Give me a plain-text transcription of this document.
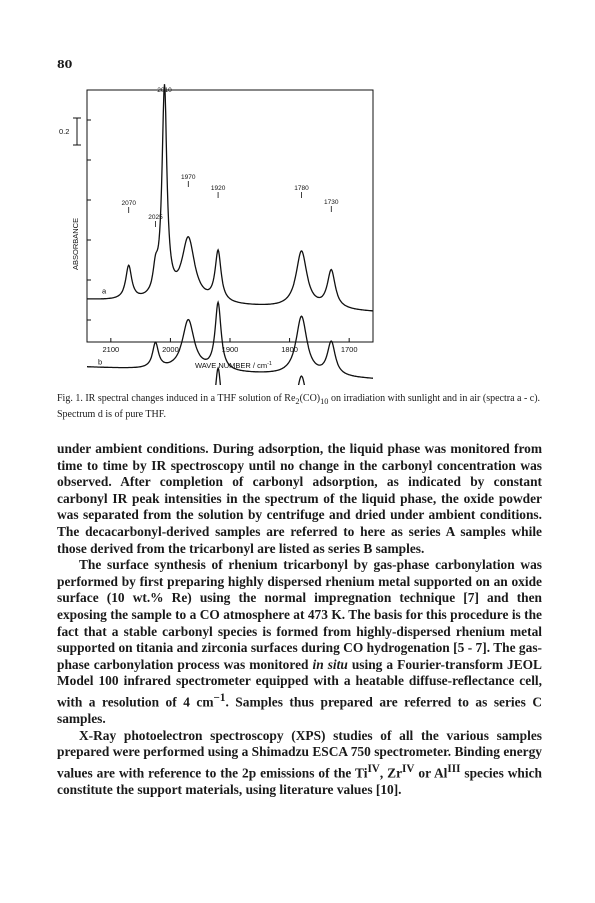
80
0.2
ABSORBANCE
WAVE NUMBER / $cm^{-1}$
2100	2000	1900	1800	1700
2010
1970
1920	1780
2070
2025
1730
a
b
Fig. 1. IR spectral changes induced in a THF solution of $Re_2(CO)_{10}$ on irradiation with sunlight and in air (spectra a - c). Spectrum d is of pure THF.

under ambient conditions. During adsorption, the liquid phase was monitored from time to time by IR spectroscopy until no change in the carbonyl concentration was observed. After completion of carbonyl adsorption, as indicated by constant carbonyl IR peak intensities in the spectrum of the liquid phase, the oxide powder was separated from the solution by centrifuge and dried under ambient conditions. The decacarbonyl-derived samples are referred to here as series A samples while those derived from the tricarbonyl are listed as series B samples.

The surface synthesis of rhenium tricarbonyl by gas-phase carbonylation was performed by first preparing highly dispersed rhenium metal supported on an oxide surface (10 wt.% Re) using the normal impregnation technique [7] and then exposing the sample to a CO atmosphere at 473 K. The basis for this procedure is the fact that a stable carbonyl species is formed from highly-dispersed rhenium metal supported on titania and zirconia surfaces during CO hydrogenation [5 - 7]. The gas-phase carbonylation process was monitored in situ using a Fourier-transform JEOL Model 100 infrared spectrometer equipped with a heatable diffuse-reflectance cell, with a resolution of 4 $cm^{-1}$. Samples thus prepared are referred to as series C samples.

X-Ray photoelectron spectroscopy (XPS) studies of all the various samples prepared were performed using a Shimadzu ESCA 750 spectrometer. Binding energy values are with reference to the 2p emissions of the $Ti^{IV}$, $Zr^{IV}$ or $Al^{III}$ species which constitute the support materials, using literature values [10].
